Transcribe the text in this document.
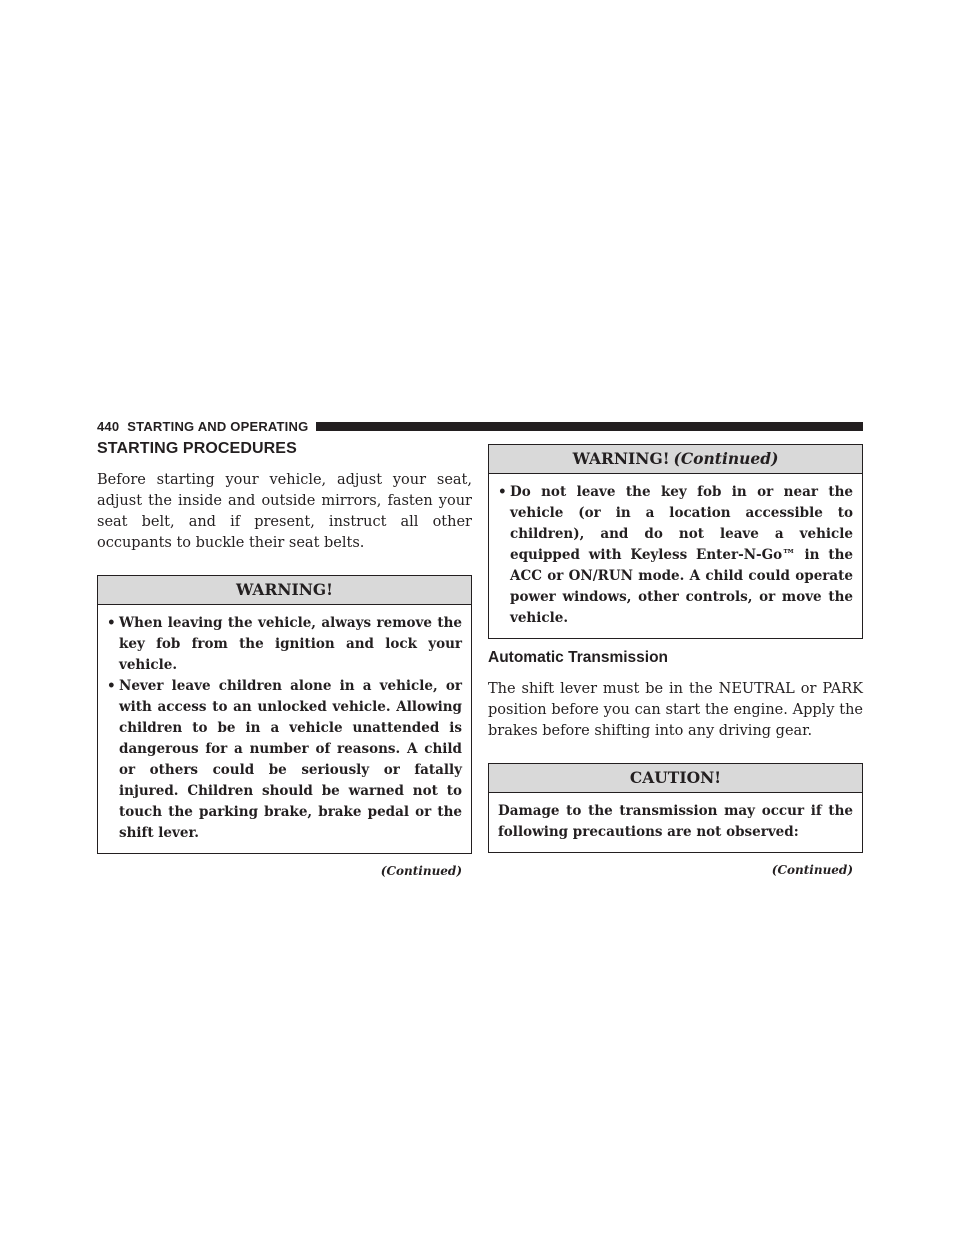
440 STARTING AND OPERATING
STARTING PROCEDURES

Before starting your vehicle, adjust your seat, adjust the inside and outside mirrors, fasten your seat belt, and if present, instruct all other occupants to buckle their seat belts.

WARNING!
• When leaving the vehicle, always remove the key fob from the ignition and lock your vehicle.
• Never leave children alone in a vehicle, or with access to an unlocked vehicle. Allowing children to be in a vehicle unattended is dangerous for a number of reasons. A child or others could be seriously or fatally injured. Children should be warned not to touch the parking brake, brake pedal or the shift lever.
(Continued)
WARNING! (Continued)
• Do not leave the key fob in or near the vehicle (or in a location accessible to children), and do not leave a vehicle equipped with Keyless Enter-N-Go™ in the ACC or ON/RUN mode. A child could operate power windows, other controls, or move the vehicle.
Automatic Transmission

The shift lever must be in the NEUTRAL or PARK position before you can start the engine. Apply the brakes before shifting into any driving gear.

CAUTION!
Damage to the transmission may occur if the following precautions are not observed:
(Continued)
